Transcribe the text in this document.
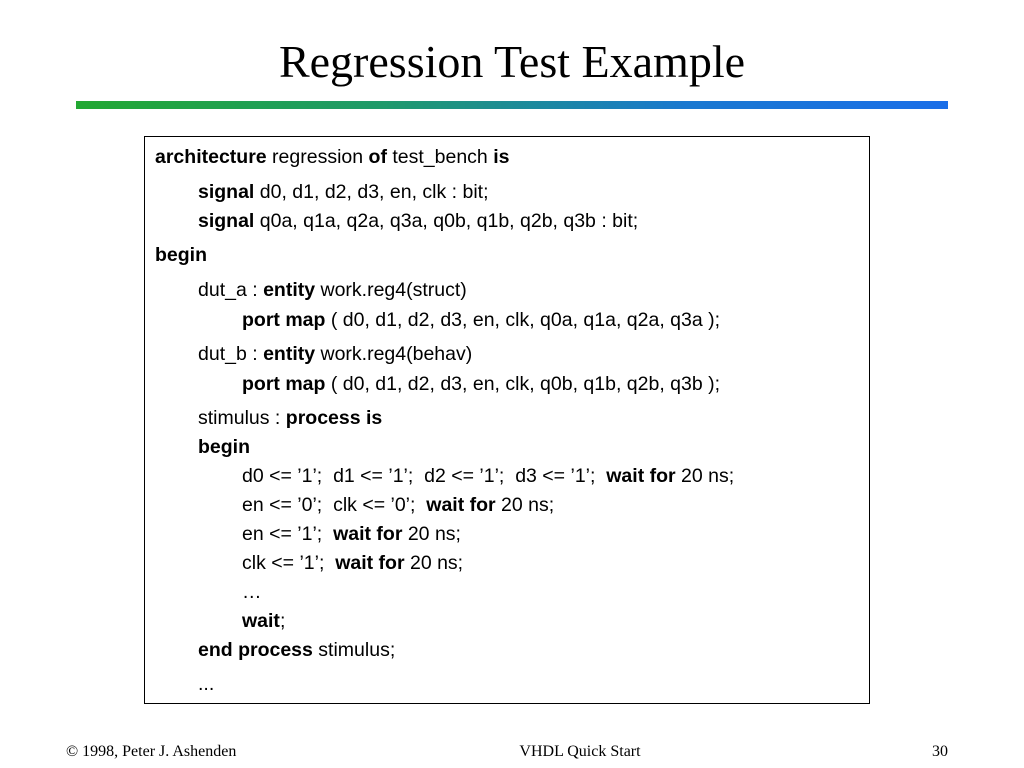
Regression Test Example
architecture regression of test_bench is
signal d0, d1, d2, d3, en, clk : bit;
signal q0a, q1a, q2a, q3a, q0b, q1b, q2b, q3b : bit;
begin
dut_a : entity work.reg4(struct)
port map ( d0, d1, d2, d3, en, clk, q0a, q1a, q2a, q3a );
dut_b : entity work.reg4(behav)
port map ( d0, d1, d2, d3, en, clk, q0b, q1b, q2b, q3b );
stimulus : process is
begin
d0 <= ’1’;  d1 <= ’1’;  d2 <= ’1’;  d3 <= ’1’;  wait for 20 ns;
en <= ’0’;  clk <= ’0’;  wait for 20 ns;
en <= ’1’;  wait for 20 ns;
clk <= ’1’;  wait for 20 ns;
…
wait;
end process stimulus;
...
© 1998, Peter J. Ashenden	VHDL Quick Start	30
